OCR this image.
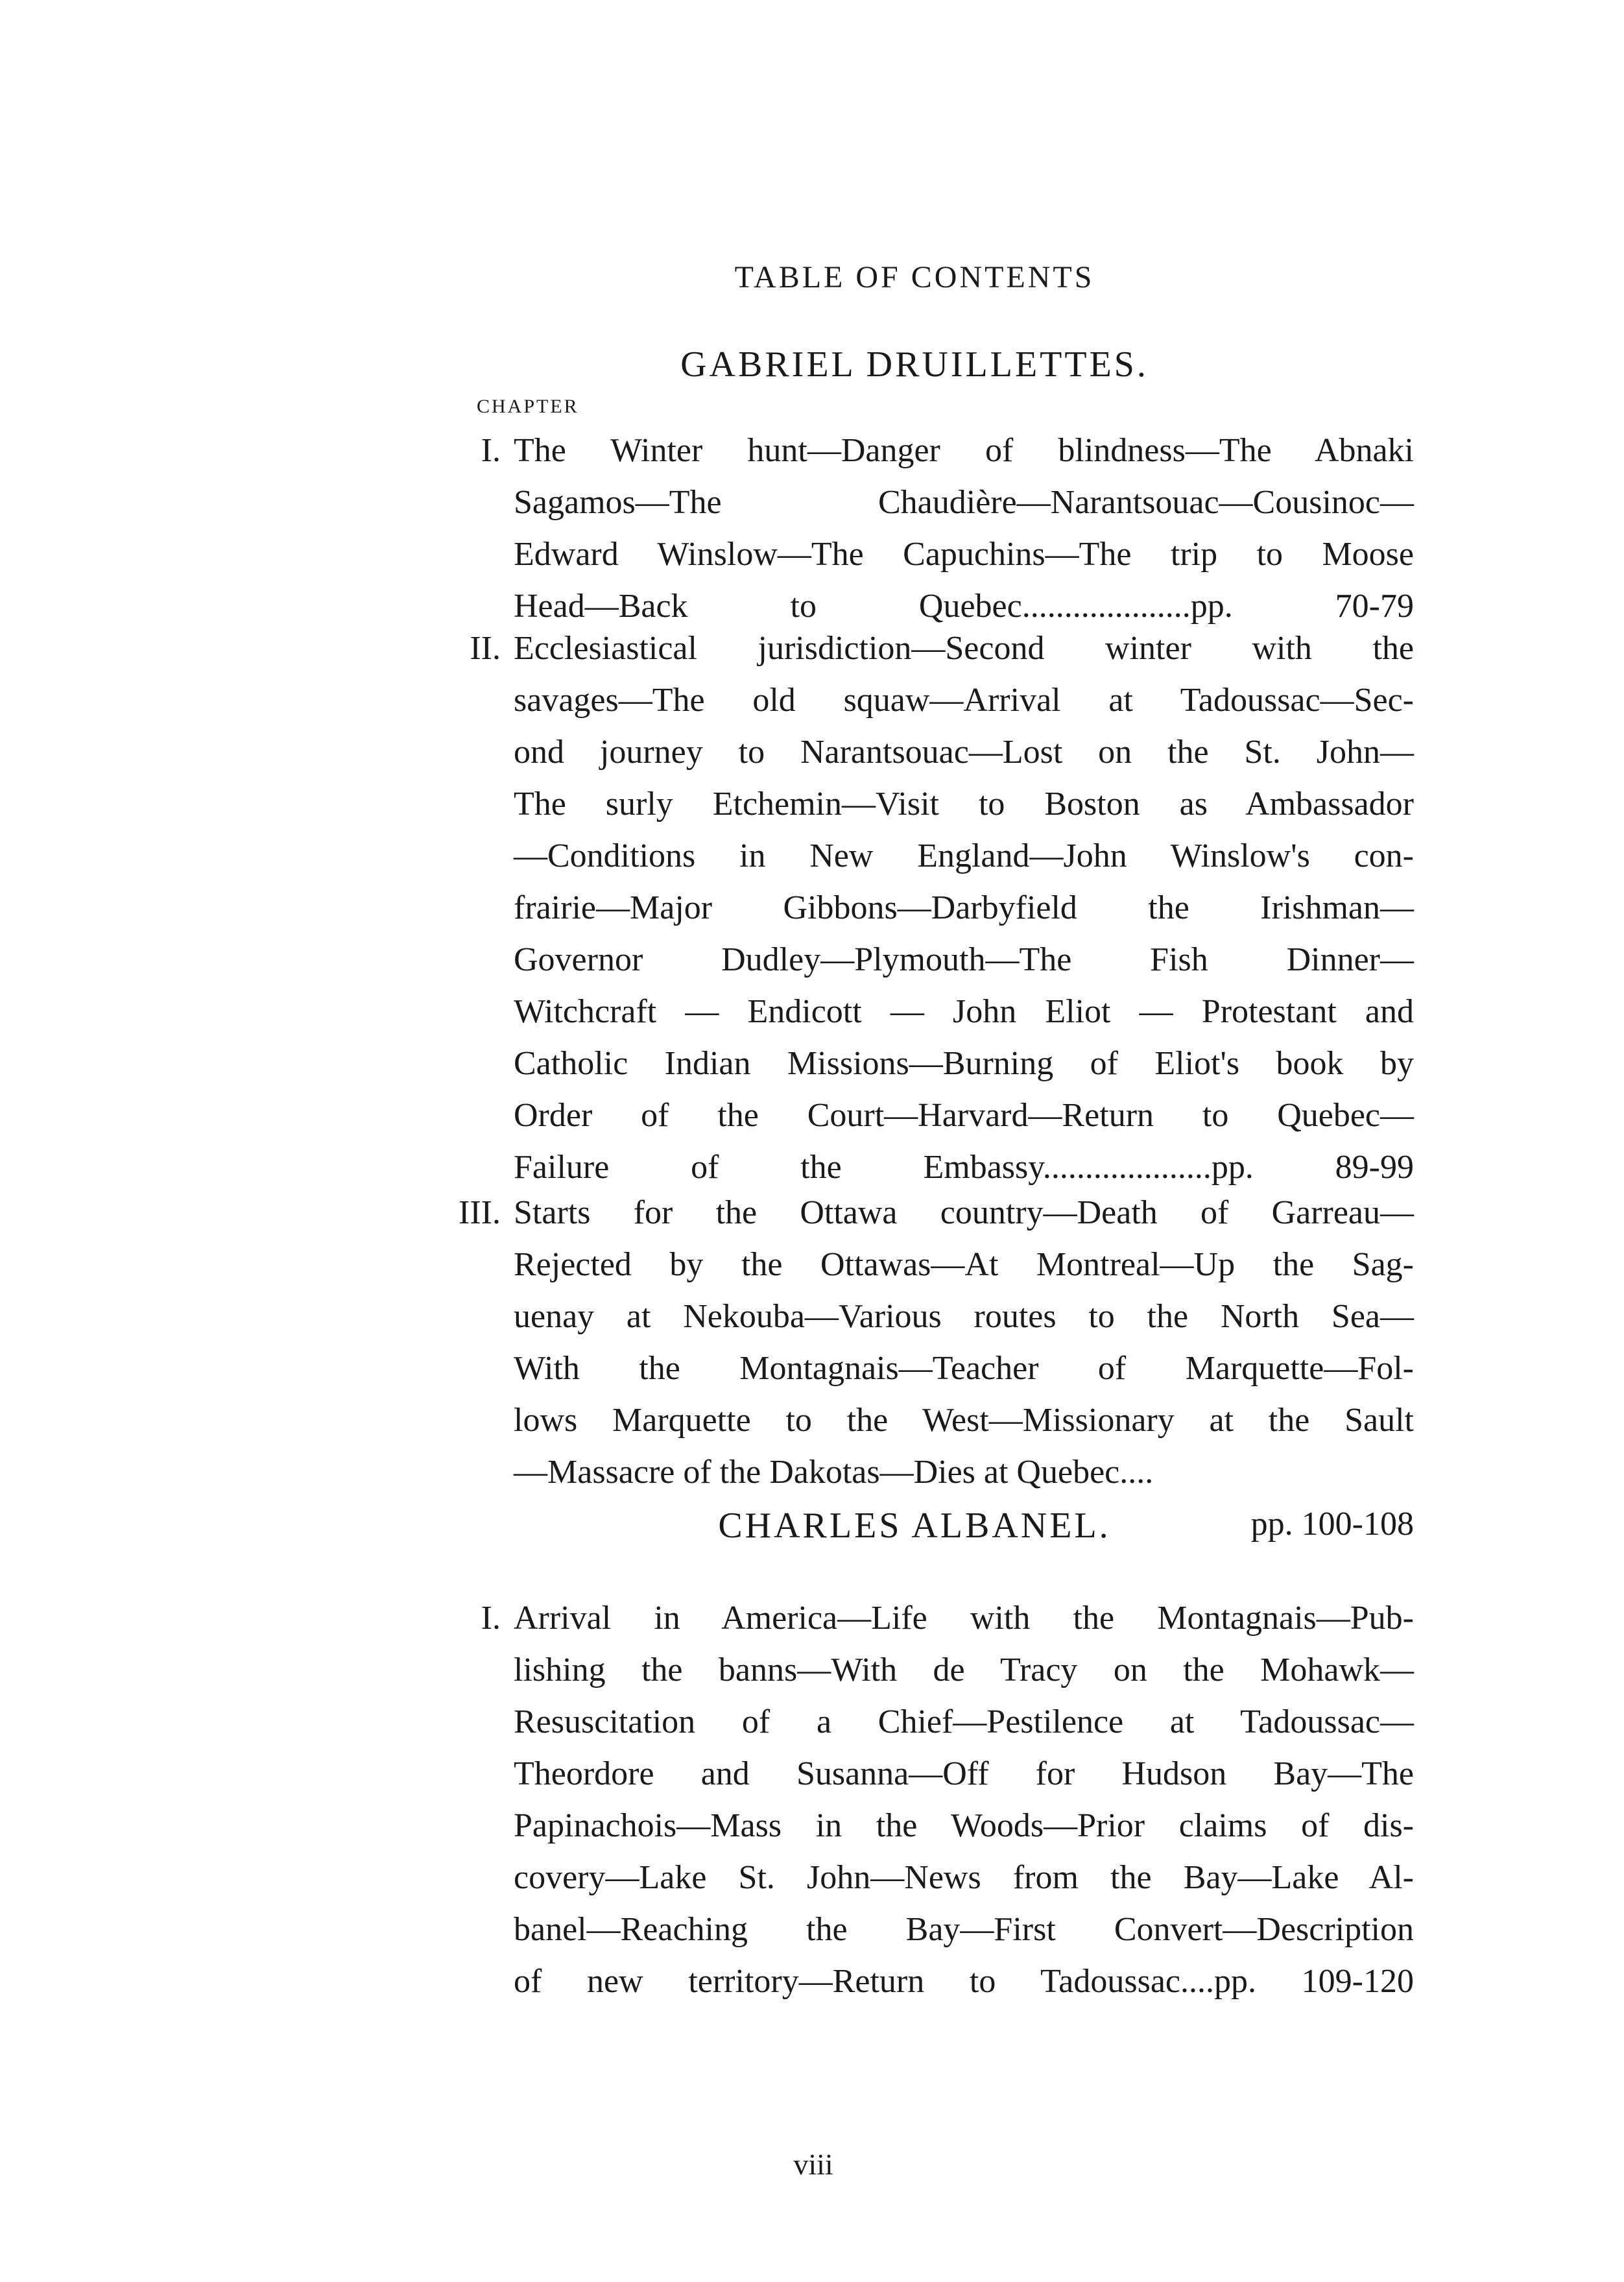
TABLE OF CONTENTS
GABRIEL DRUILLETTES.
CHAPTER
I. The Winter hunt—Danger of blindness—The Abnaki
Sagamos—The Chaudière—Narantsouac—Cousinoc—
Edward Winslow—The Capuchins—The trip to Moose
Head—Back to Quebec....................pp. 70-79
II. Ecclesiastical jurisdiction—Second winter with the
savages—The old squaw—Arrival at Tadoussac—Sec-
ond journey to Narantsouac—Lost on the St. John—
The surly Etchemin—Visit to Boston as Ambassador
—Conditions in New England—John Winslow's con-
frairie—Major Gibbons—Darbyfield the Irishman—
Governor Dudley—Plymouth—The Fish Dinner—
Witchcraft — Endicott — John Eliot — Protestant and
Catholic Indian Missions—Burning of Eliot's book by
Order of the Court—Harvard—Return to Quebec—
Failure of the Embassy....................pp. 89-99
III. Starts for the Ottawa country—Death of Garreau—
Rejected by the Ottawas—At Montreal—Up the Sag-
uenay at Nekouba—Various routes to the North Sea—
With the Montagnais—Teacher of Marquette—Fol-
lows Marquette to the West—Missionary at the Sault
—Massacre of the Dakotas—Dies at Quebec....
pp. 100-108
CHARLES ALBANEL.
I. Arrival in America—Life with the Montagnais—Pub-
lishing the banns—With de Tracy on the Mohawk—
Resuscitation of a Chief—Pestilence at Tadoussac—
Theordore and Susanna—Off for Hudson Bay—The
Papinachois—Mass in the Woods—Prior claims of dis-
covery—Lake St. John—News from the Bay—Lake Al-
banel—Reaching the Bay—First Convert—Description
of new territory—Return to Tadoussac....pp. 109-120
viii
